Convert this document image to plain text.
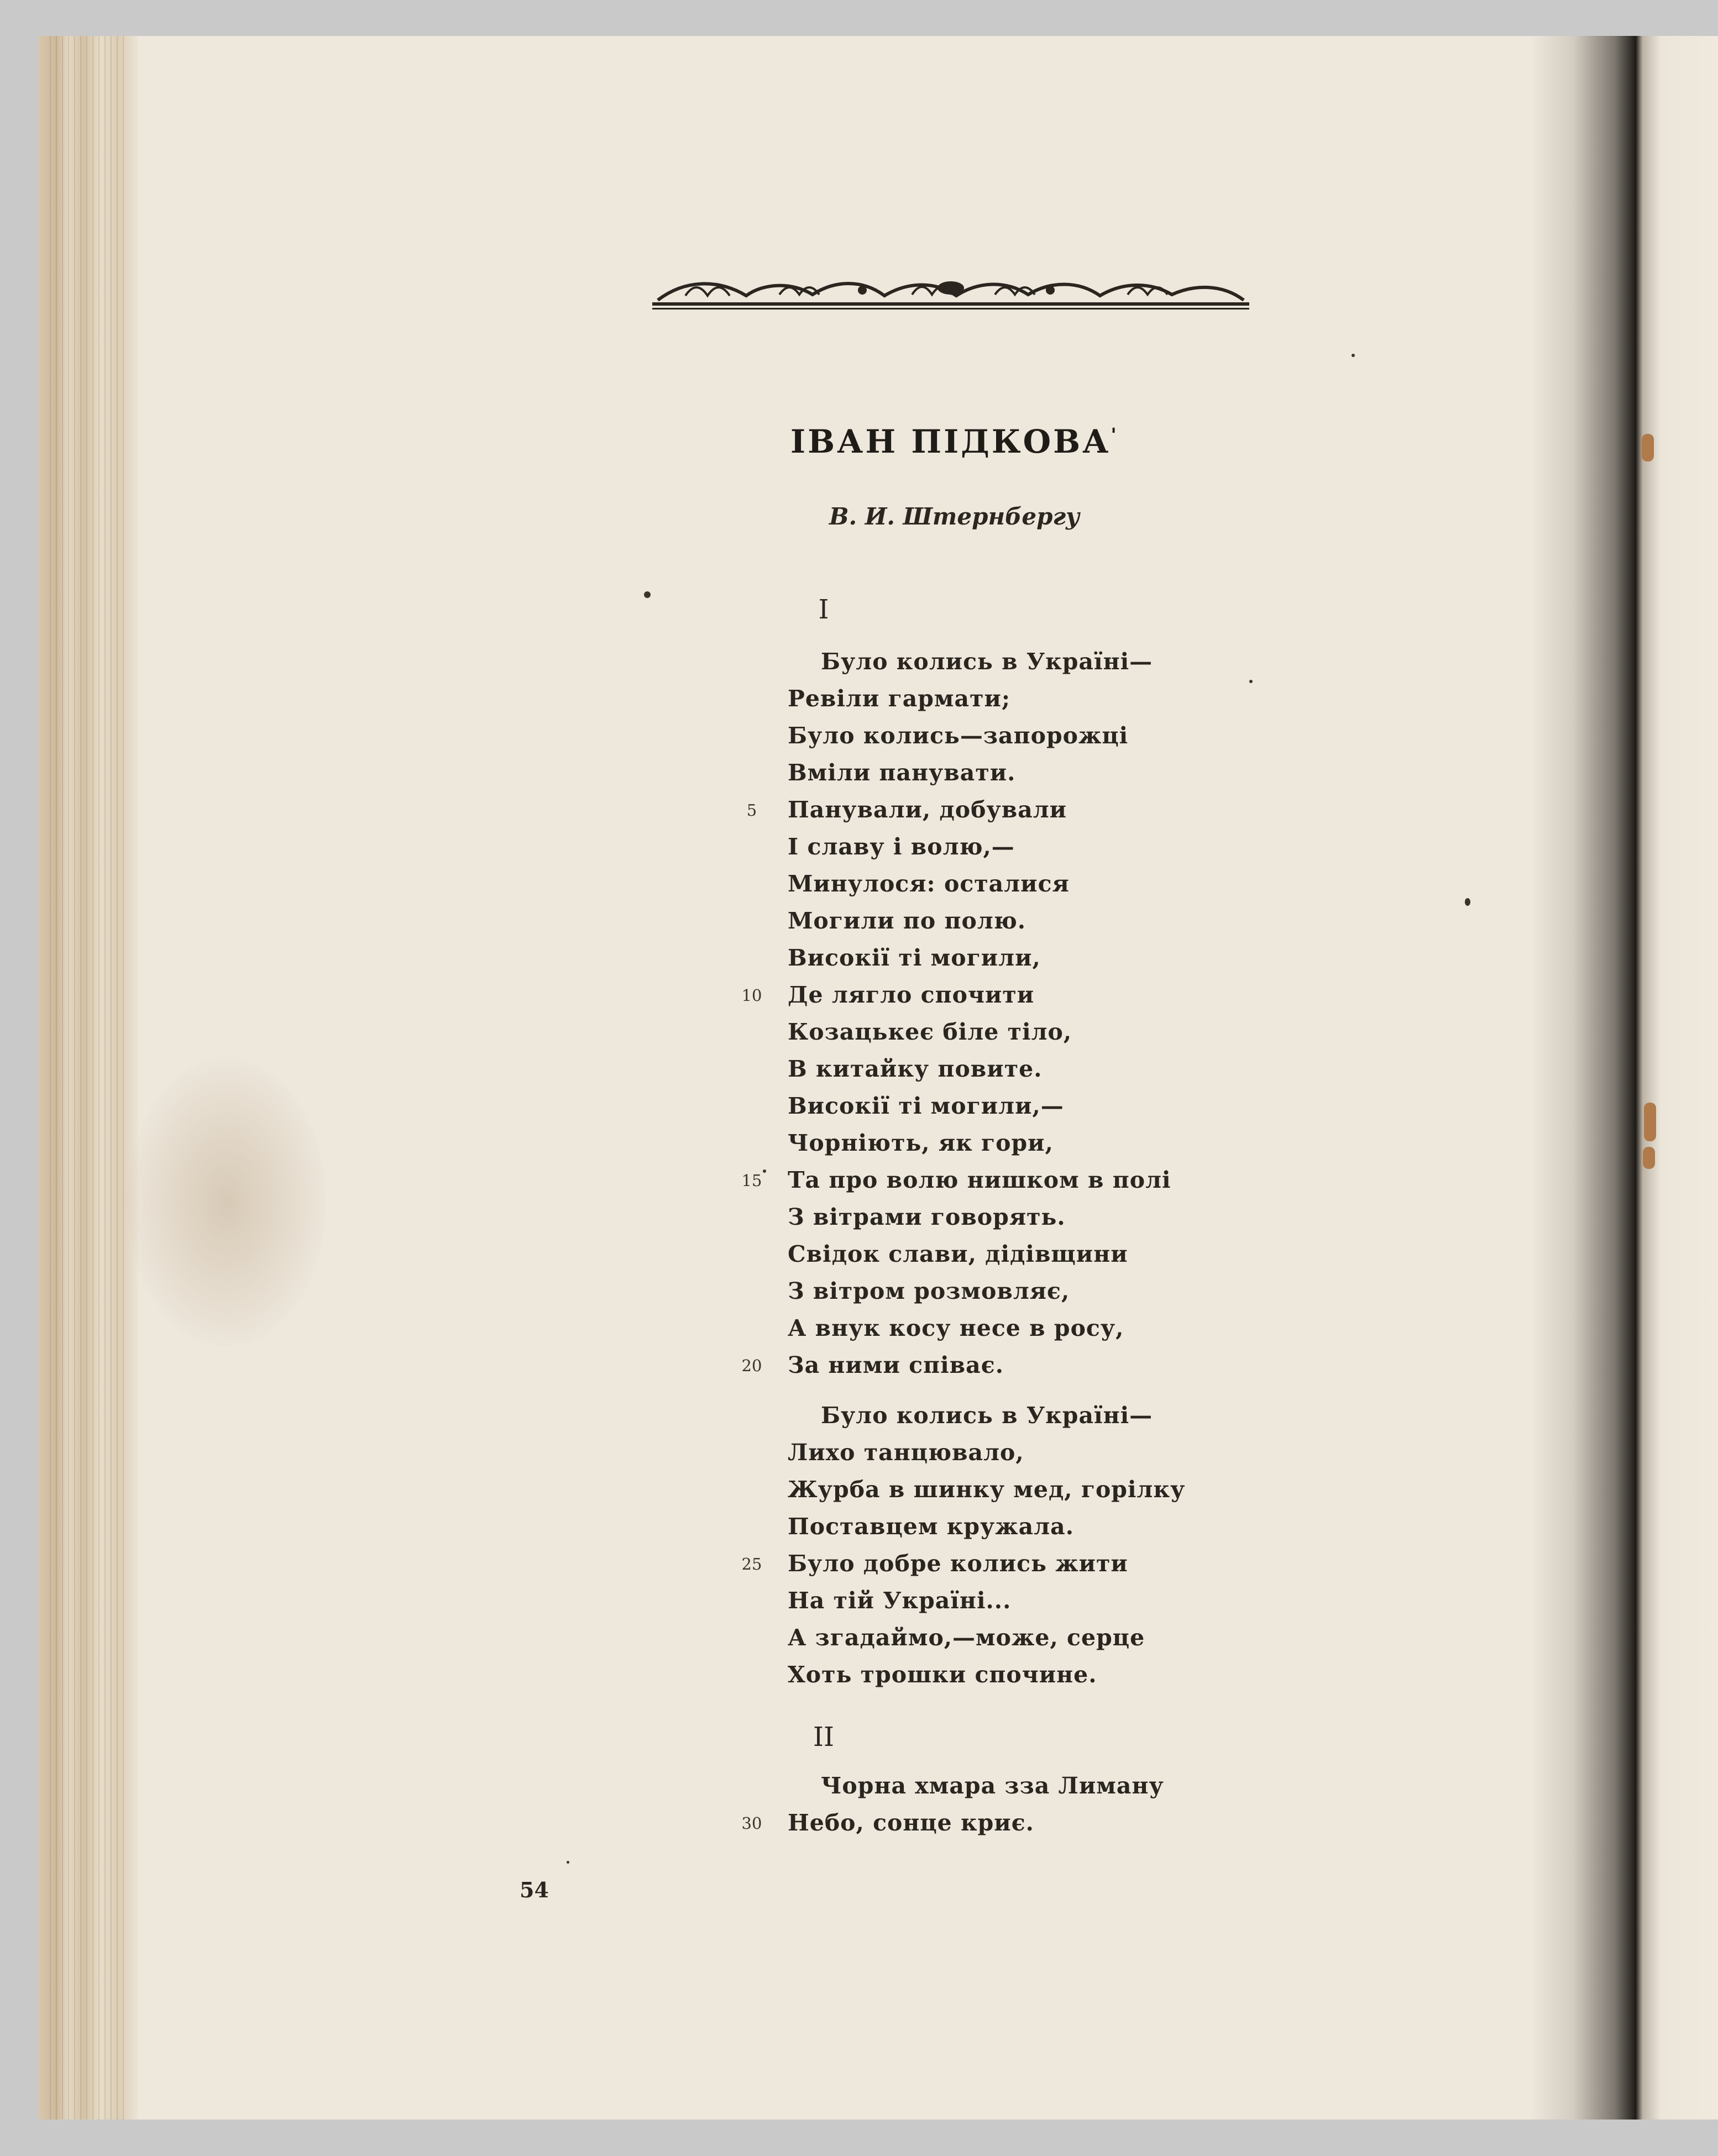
ІВАН ПІДКОВА'
В. И. Штернбергу
I
Було колись в Україні—
Ревіли гармати;
Було колись—запорожці
Вміли панувати.
5	Панували, добували
І славу і волю,—
Минулося: осталися
Могили по полю.
Високії ті могили,
10 Де лягло спочити
Козацькеє біле тіло,
В китайку повите.
Високії ті могили,—
Чорніють, як гори,
15 Та про волю нишком в полі
З вітрами говорять.
Свідок слави, дідівщини
З вітром розмовляє,
А внук косу несе в росу,
20 За ними співає.
Було колись в Україні—
Лихо танцювало,
Журба в шинку мед, горілку
Поставцем кружала.
25 Було добре колись жити
На тій Україні...
А згадаймо,—може, серце
Хоть трошки спочине.
II
Чорна хмара ззa Лиману
30 Небо, сонце криє.
54
